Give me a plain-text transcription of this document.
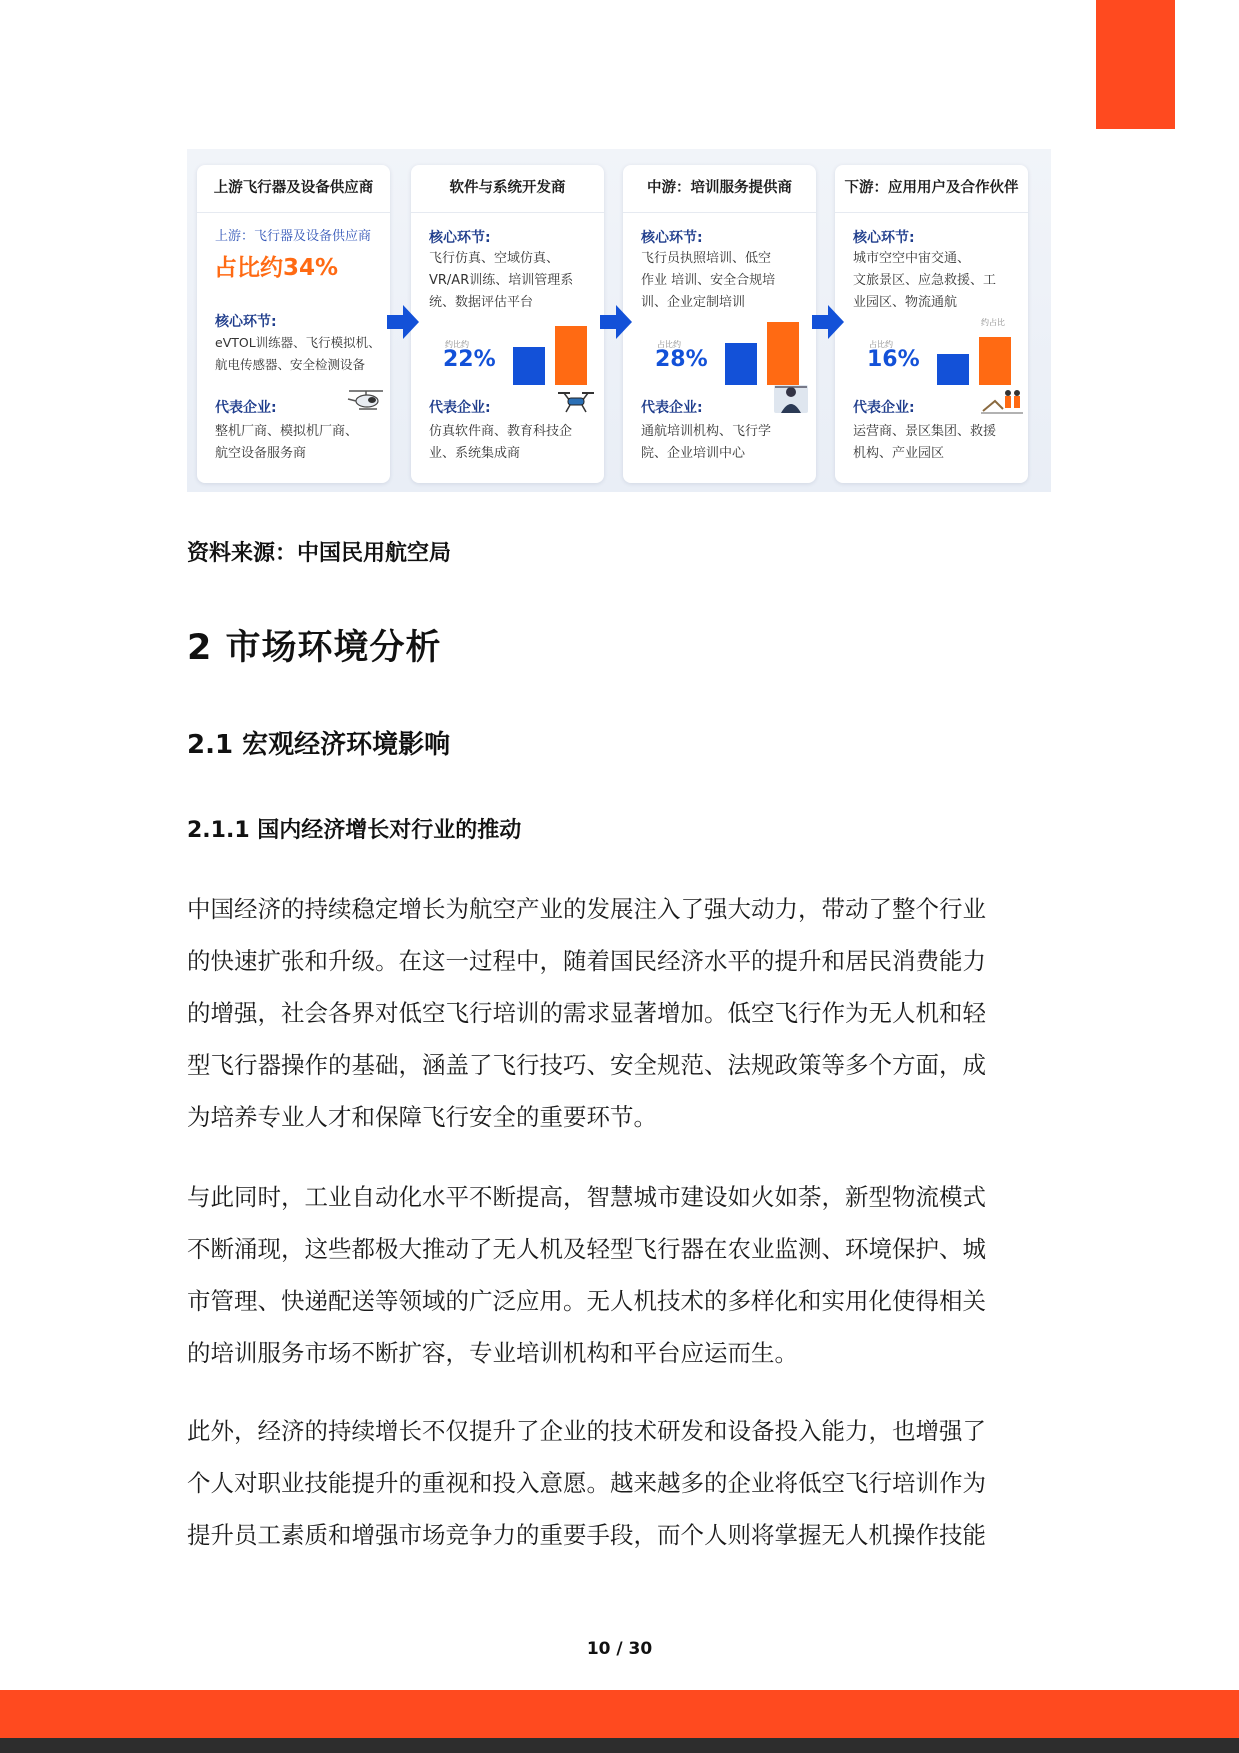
上游飞行器及设备供应商
上游：飞行器及设备供应商
占比约34%
核心环节:
eVTOL训练器、飞行模拟机、
航电传感器、安全检测设备
代表企业:
整机厂商、模拟机厂商、
航空设备服务商
软件与系统开发商
核心环节:
飞行仿真、空域仿真、
VR/AR训练、培训管理系
统、数据评估平台
约比约
22%
代表企业:
仿真软件商、教育科技企
业、系统集成商
中游：培训服务提供商
核心环节:
飞行员执照培训、低空
作业 培训、安全合规培
训、企业定制培训
占比约
28%
代表企业:
通航培训机构、飞行学
院、企业培训中心
下游：应用用户及合作伙伴
核心环节:
城市空空中宙交通、
文旅景区、应急救援、工
业园区、物流通航
占比约
约占比
16%
代表企业:
运营商、景区集团、救援
机构、产业园区
资料来源：中国民用航空局
2 市场环境分析
2.1 宏观经济环境影响
2.1.1 国内经济增长对行业的推动
中国经济的持续稳定增长为航空产业的发展注入了强大动力，带动了整个行业
的快速扩张和升级。在这一过程中，随着国民经济水平的提升和居民消费能力
的增强，社会各界对低空飞行培训的需求显著增加。低空飞行作为无人机和轻
型飞行器操作的基础，涵盖了飞行技巧、安全规范、法规政策等多个方面，成
为培养专业人才和保障飞行安全的重要环节。
与此同时，工业自动化水平不断提高，智慧城市建设如火如荼，新型物流模式
不断涌现，这些都极大推动了无人机及轻型飞行器在农业监测、环境保护、城
市管理、快递配送等领域的广泛应用。无人机技术的多样化和实用化使得相关
的培训服务市场不断扩容，专业培训机构和平台应运而生。
此外，经济的持续增长不仅提升了企业的技术研发和设备投入能力，也增强了
个人对职业技能提升的重视和投入意愿。越来越多的企业将低空飞行培训作为
提升员工素质和增强市场竞争力的重要手段，而个人则将掌握无人机操作技能
10 / 30
